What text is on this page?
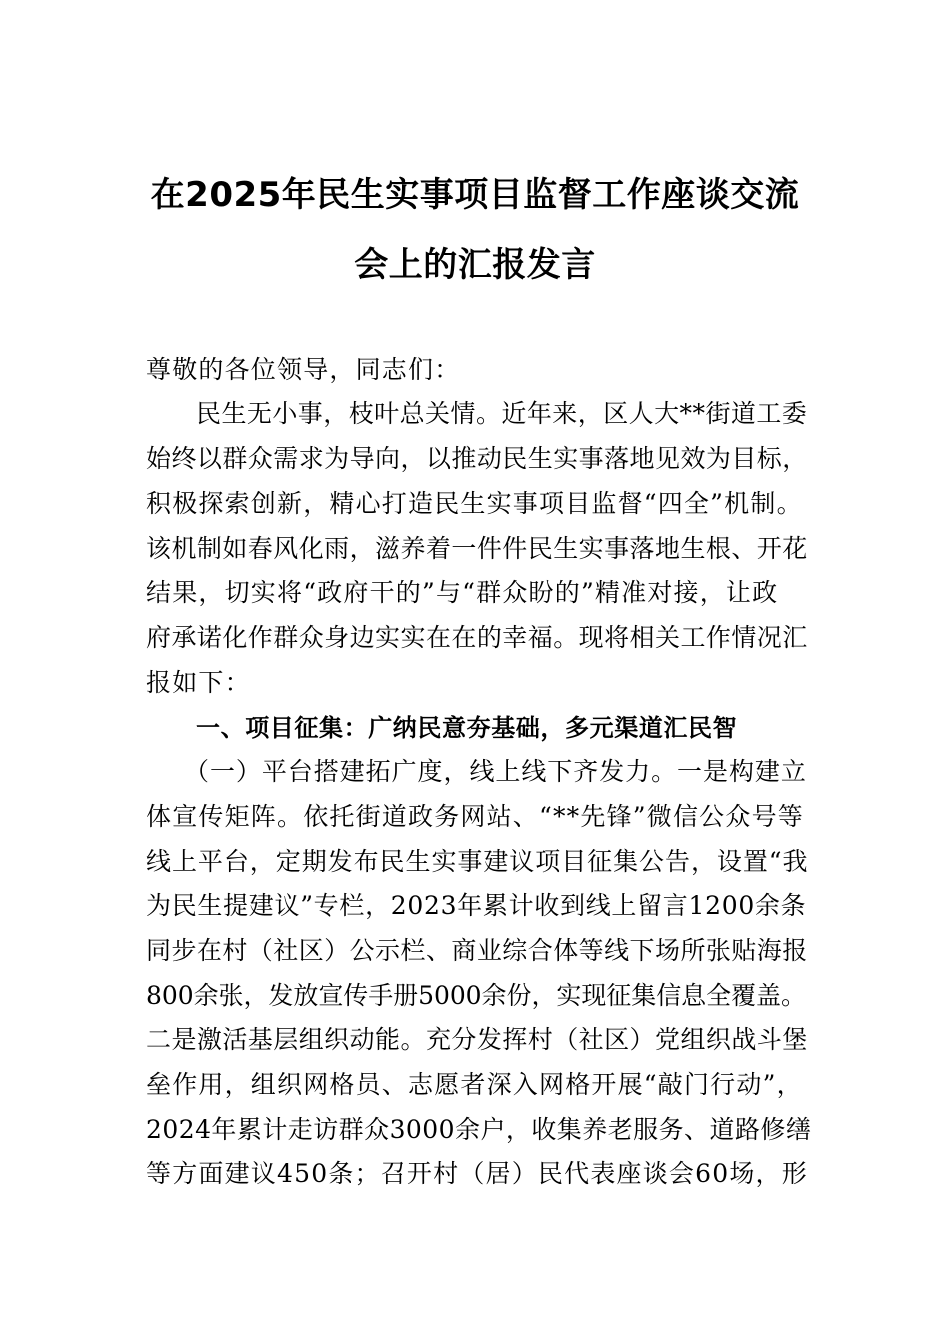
在2025年民生实事项目监督工作座谈交流
会上的汇报发言
尊敬的各位领导，同志们：
民生无小事，枝叶总关情。近年来，区人大**街道工委
始终以群众需求为导向，以推动民生实事落地见效为目标，
积极探索创新，精心打造民生实事项目监督“四全”机制。
该机制如春风化雨，滋养着一件件民生实事落地生根、开花
结果，切实将“政府干的”与“群众盼的”精准对接，让政
府承诺化作群众身边实实在在的幸福。现将相关工作情况汇
报如下：
一、项目征集：广纳民意夯基础，多元渠道汇民智
（一）平台搭建拓广度，线上线下齐发力。一是构建立
体宣传矩阵。依托街道政务网站、“**先锋”微信公众号等
线上平台，定期发布民生实事建议项目征集公告，设置“我
为民生提建议”专栏，2023年累计收到线上留言1200余条
同步在村（社区）公示栏、商业综合体等线下场所张贴海报
800余张，发放宣传手册5000余份，实现征集信息全覆盖。
二是激活基层组织动能。充分发挥村（社区）党组织战斗堡
垒作用，组织网格员、志愿者深入网格开展“敲门行动”，
2024年累计走访群众3000余户，收集养老服务、道路修缮
等方面建议450条；召开村（居）民代表座谈会60场，形
